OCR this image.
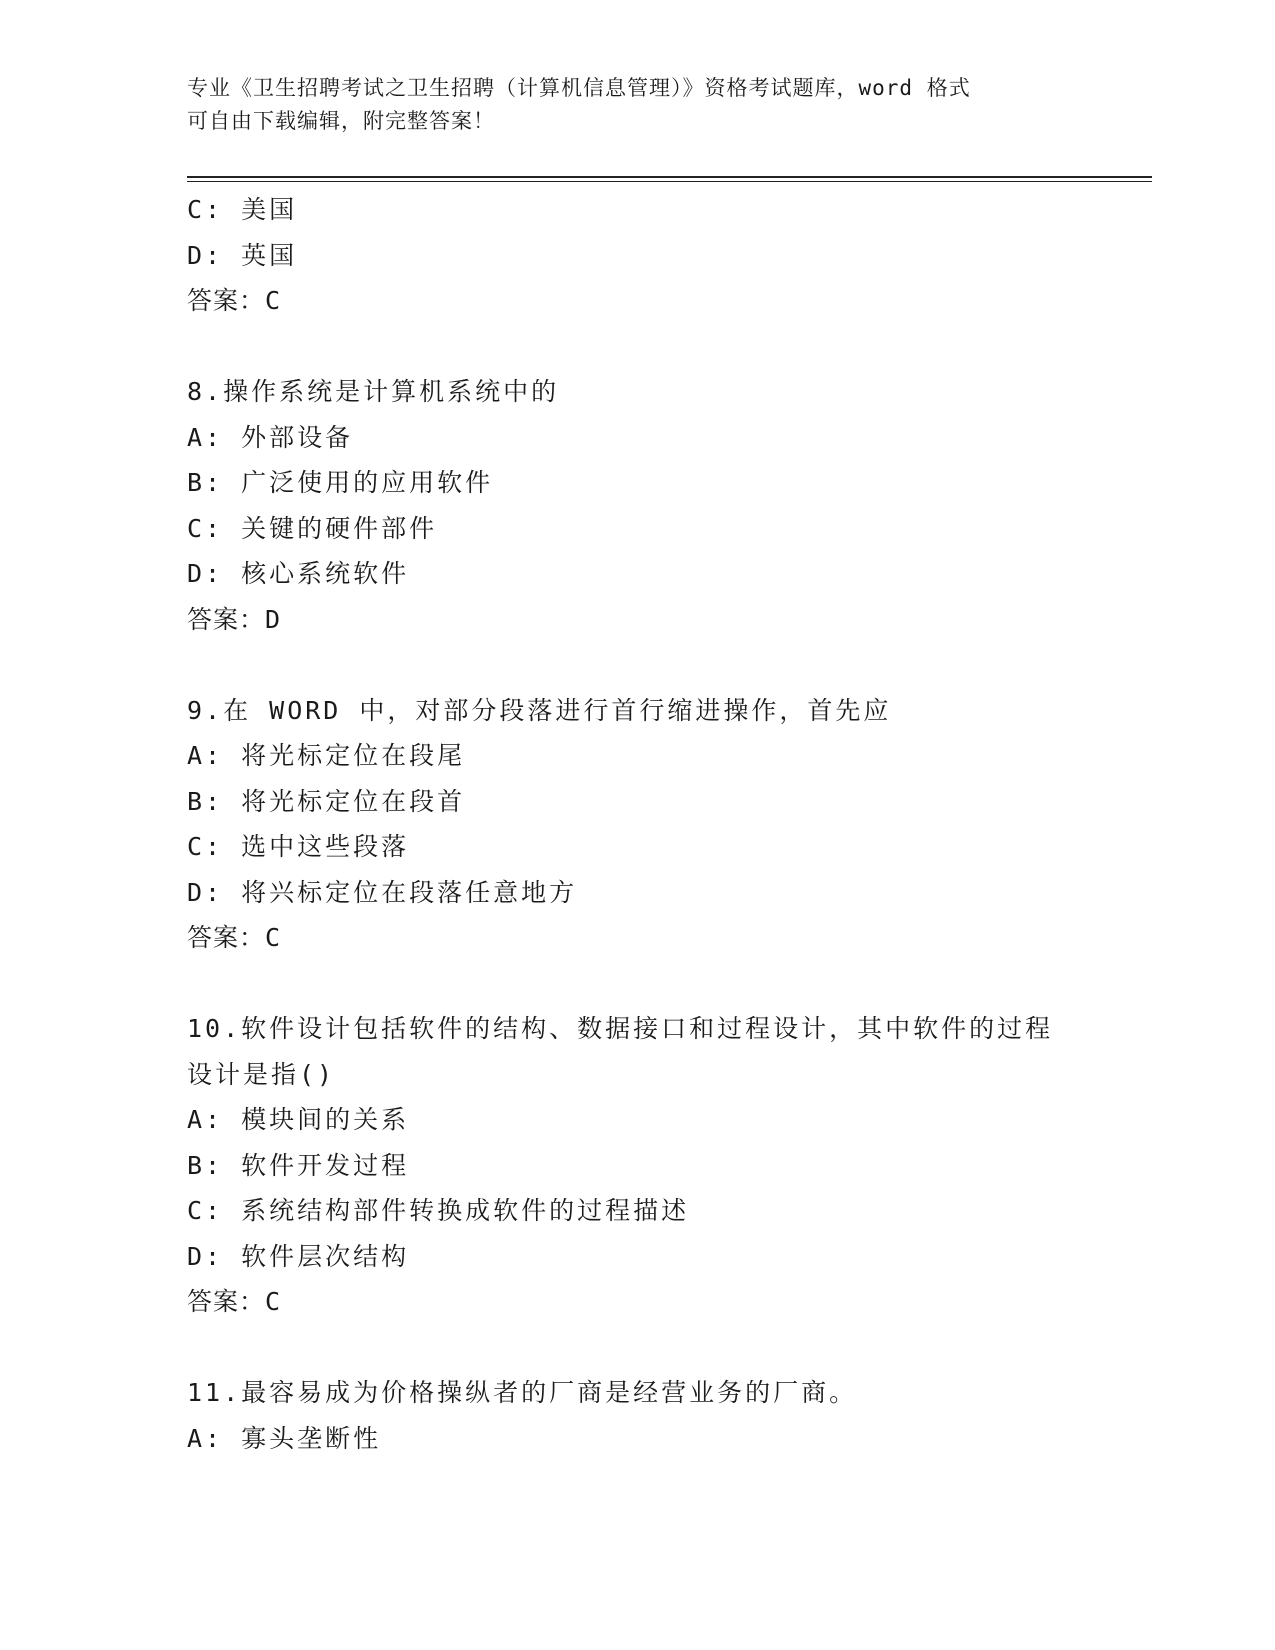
专业《卫生招聘考试之卫生招聘（计算机信息管理）》资格考试题库，word 格式
可自由下载编辑，附完整答案！
C: 美国
D: 英国
答案：C
8.操作系统是计算机系统中的
A: 外部设备
B: 广泛使用的应用软件
C: 关键的硬件部件
D: 核心系统软件
答案：D
9.在 WORD 中，对部分段落进行首行缩进操作，首先应
A: 将光标定位在段尾
B: 将光标定位在段首
C: 选中这些段落
D: 将兴标定位在段落任意地方
答案：C
10.软件设计包括软件的结构、数据接口和过程设计，其中软件的过程
设计是指()
A: 模块间的关系
B: 软件开发过程
C: 系统结构部件转换成软件的过程描述
D: 软件层次结构
答案：C
11.最容易成为价格操纵者的厂商是经营业务的厂商。
A: 寡头垄断性
